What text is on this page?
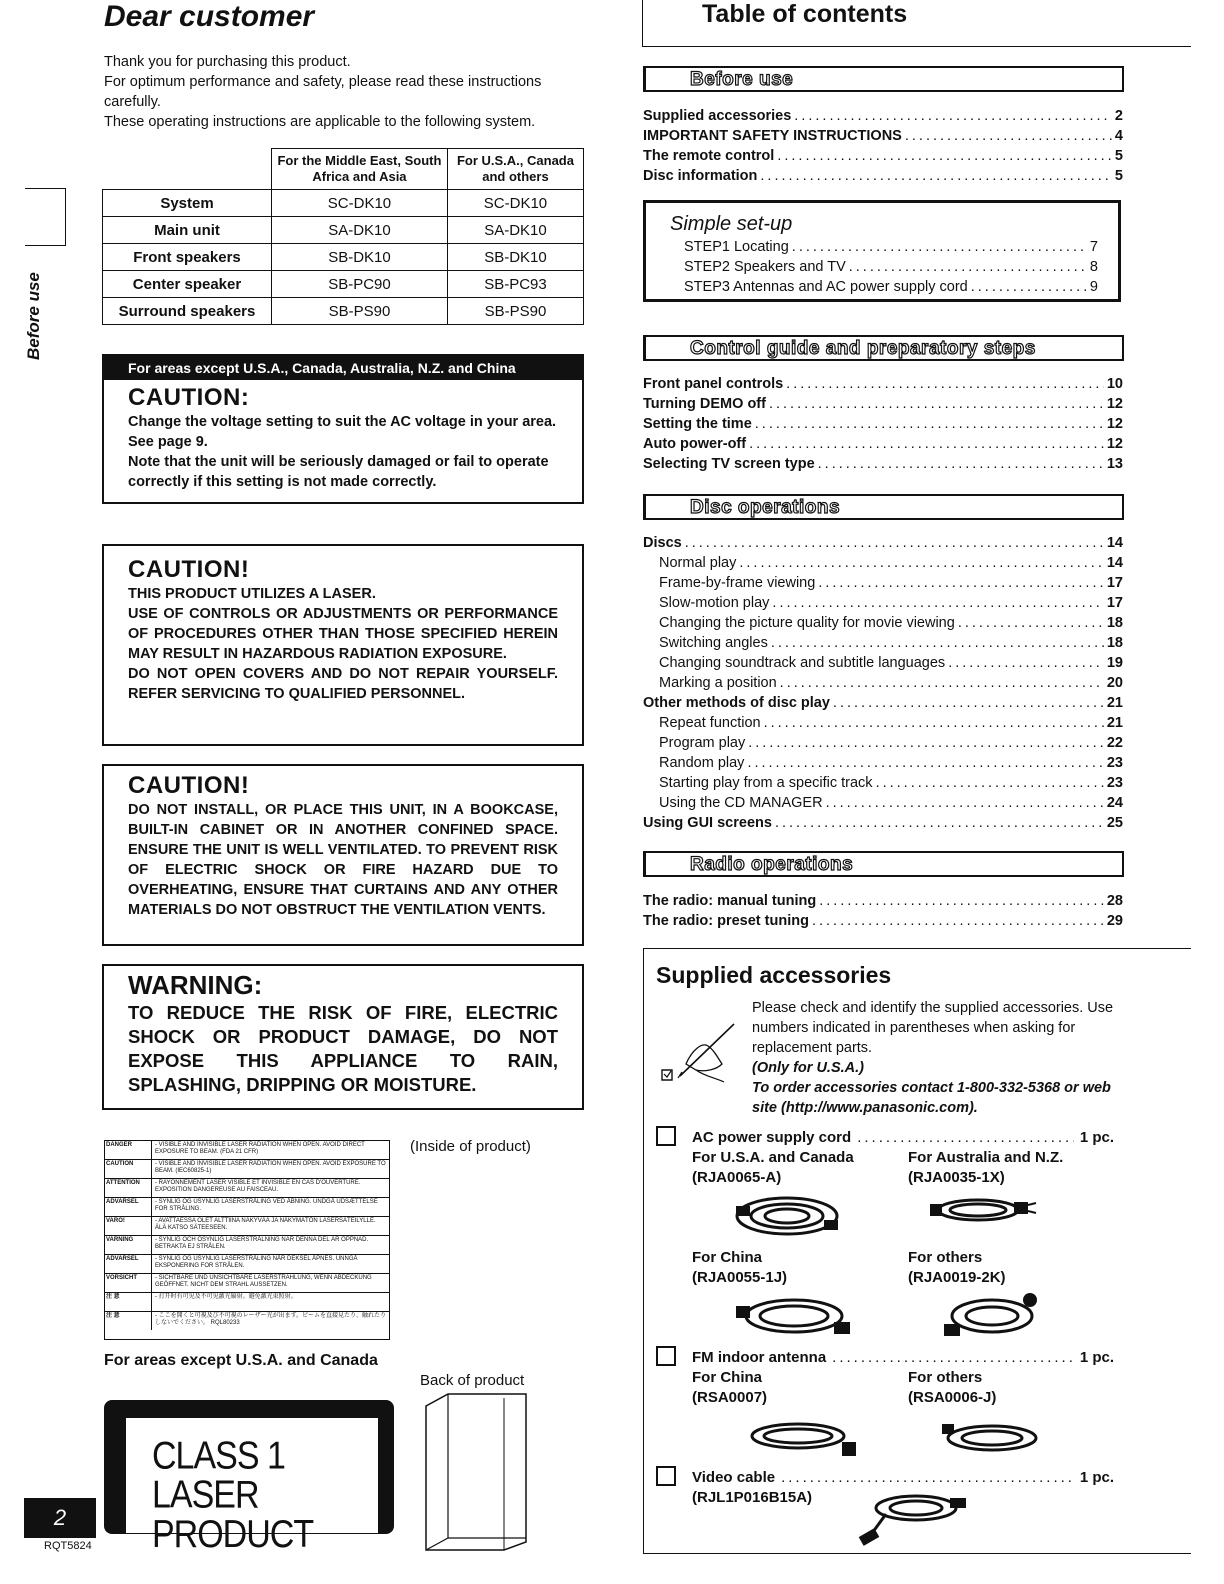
Dear customer

Thank you for purchasing this product.

For optimum performance and safety, please read these instructions carefully.

These operating instructions are applicable to the following system.

Before use
	For the Middle East, South Africa and Asia	For U.S.A., Canada and others
System	SC-DK10	SC-DK10
Main unit	SA-DK10	SA-DK10
Front speakers	SB-DK10	SB-DK10
Center speaker	SB-PC90	SB-PC93
Surround speakers	SB-PS90	SB-PS90
For areas except U.S.A., Canada, Australia, N.Z. and China
CAUTION:

Change the voltage setting to suit the AC voltage in your area. See page 9.

Note that the unit will be seriously damaged or fail to operate correctly if this setting is not made correctly.

CAUTION!

THIS PRODUCT UTILIZES A LASER.

USE OF CONTROLS OR ADJUSTMENTS OR PERFORMANCE OF PROCEDURES OTHER THAN THOSE SPECIFIED HEREIN MAY RESULT IN HAZARDOUS RADIATION EXPOSURE.

DO NOT OPEN COVERS AND DO NOT REPAIR YOURSELF. REFER SERVICING TO QUALIFIED PERSONNEL.

CAUTION!
DO NOT INSTALL, OR PLACE THIS UNIT, IN A BOOKCASE, BUILT-IN CABINET OR IN ANOTHER CONFINED SPACE. ENSURE THE UNIT IS WELL VENTILATED. TO PREVENT RISK OF ELECTRIC SHOCK OR FIRE HAZARD DUE TO OVERHEATING, ENSURE THAT CURTAINS AND ANY OTHER MATERIALS DO NOT OBSTRUCT THE VENTILATION VENTS.
WARNING:
TO REDUCE THE RISK OF FIRE, ELECTRIC SHOCK OR PRODUCT DAMAGE, DO NOT EXPOSE THIS APPLIANCE TO RAIN, SPLASHING, DRIPPING OR MOISTURE.
DANGER	- VISIBLE AND INVISIBLE LASER RADIATION WHEN OPEN. AVOID DIRECT EXPOSURE TO BEAM. (FDA 21 CFR)
CAUTION	- VISIBLE AND INVISIBLE LASER RADIATION WHEN OPEN. AVOID EXPOSURE TO BEAM. (IEC60825-1)
ATTENTION	- RAYONNEMENT LASER VISIBLE ET INVISIBLE EN CAS D'OUVERTURE. EXPOSITION DANGEREUSE AU FAISCEAU.
ADVARSEL	- SYNLIG OG USYNLIG LASERSTRÅLING VED ÅBNING. UNDGÅ UDSÆTTELSE FOR STRÅLING.
VARO!	- AVATTAESSA OLET ALTTIINA NÄKYVÄÄ JA NÄKYMÄTÖN LASERSÄTEILYLLE. ÄLÄ KATSO SÄTEESEEN.
VARNING	- SYNLIG OCH OSYNLIG LASERSTRÅLNING NÄR DENNA DEL ÄR ÖPPNAD. BETRAKTA EJ STRÅLEN.
ADVARSEL	- SYNLIG OG USYNLIG LASERSTRÅLING NÅR DEKSEL ÅPNES. UNNGÅ EKSPONERING FOR STRÅLEN.
VORSICHT	- SICHTBARE UND UNSICHTBARE LASERSTRAHLUNG, WENN ABDECKUNG GEÖFFNET. NICHT DEM STRAHL AUSSETZEN.
注 意	- 打开时有可见及不可见激光辐射。避免激光束照射。
注 意	- ここを開くと可視及び不可視のレーザー光が出ます。ビームを直接見たり、触れたりしないでください。 RQL80233
(Inside of product)
For areas except U.S.A. and Canada
Back of product
CLASS 1
LASER PRODUCT
2
RQT5824
Table of contents
Before use
Supplied accessories .....	2
IMPORTANT SAFETY INSTRUCTIONS .....	4
The remote control .....	5
Disc information .....	5
Simple set-up
STEP1 Locating .....	7
STEP2 Speakers and TV .....	8
STEP3 Antennas and AC power supply cord .....	9
Control guide and preparatory steps
Front panel controls .....	10
Turning DEMO off .....	12
Setting the time .....	12
Auto power-off .....	12
Selecting TV screen type .....	13
Disc operations
Discs .....	14
Normal play .....	14
Frame-by-frame viewing .....	17
Slow-motion play .....	17
Changing the picture quality for movie viewing .....	18
Switching angles .....	18
Changing soundtrack and subtitle languages .....	19
Marking a position .....	20
Other methods of disc play .....	21
Repeat function .....	21
Program play .....	22
Random play .....	23
Starting play from a specific track .....	23
Using the CD MANAGER .....	24
Using GUI screens .....	25
Radio operations
The radio: manual tuning .....	28
The radio: preset tuning .....	29
Supplied accessories

Please check and identify the supplied accessories. Use numbers indicated in parentheses when asking for replacement parts.

(Only for U.S.A.)

To order accessories contact 1-800-332-5368 or web site (http://www.panasonic.com).

AC power supply cord .....	1 pc.
For U.S.A. and Canada
(RJA0065-A)
For Australia and N.Z.
(RJA0035-1X)
For China
(RJA0055-1J)
For others
(RJA0019-2K)
FM indoor antenna .....	1 pc.
For China
(RSA0007)
For others
(RSA0006-J)
Video cable .....	1 pc.
(RJL1P016B15A)
